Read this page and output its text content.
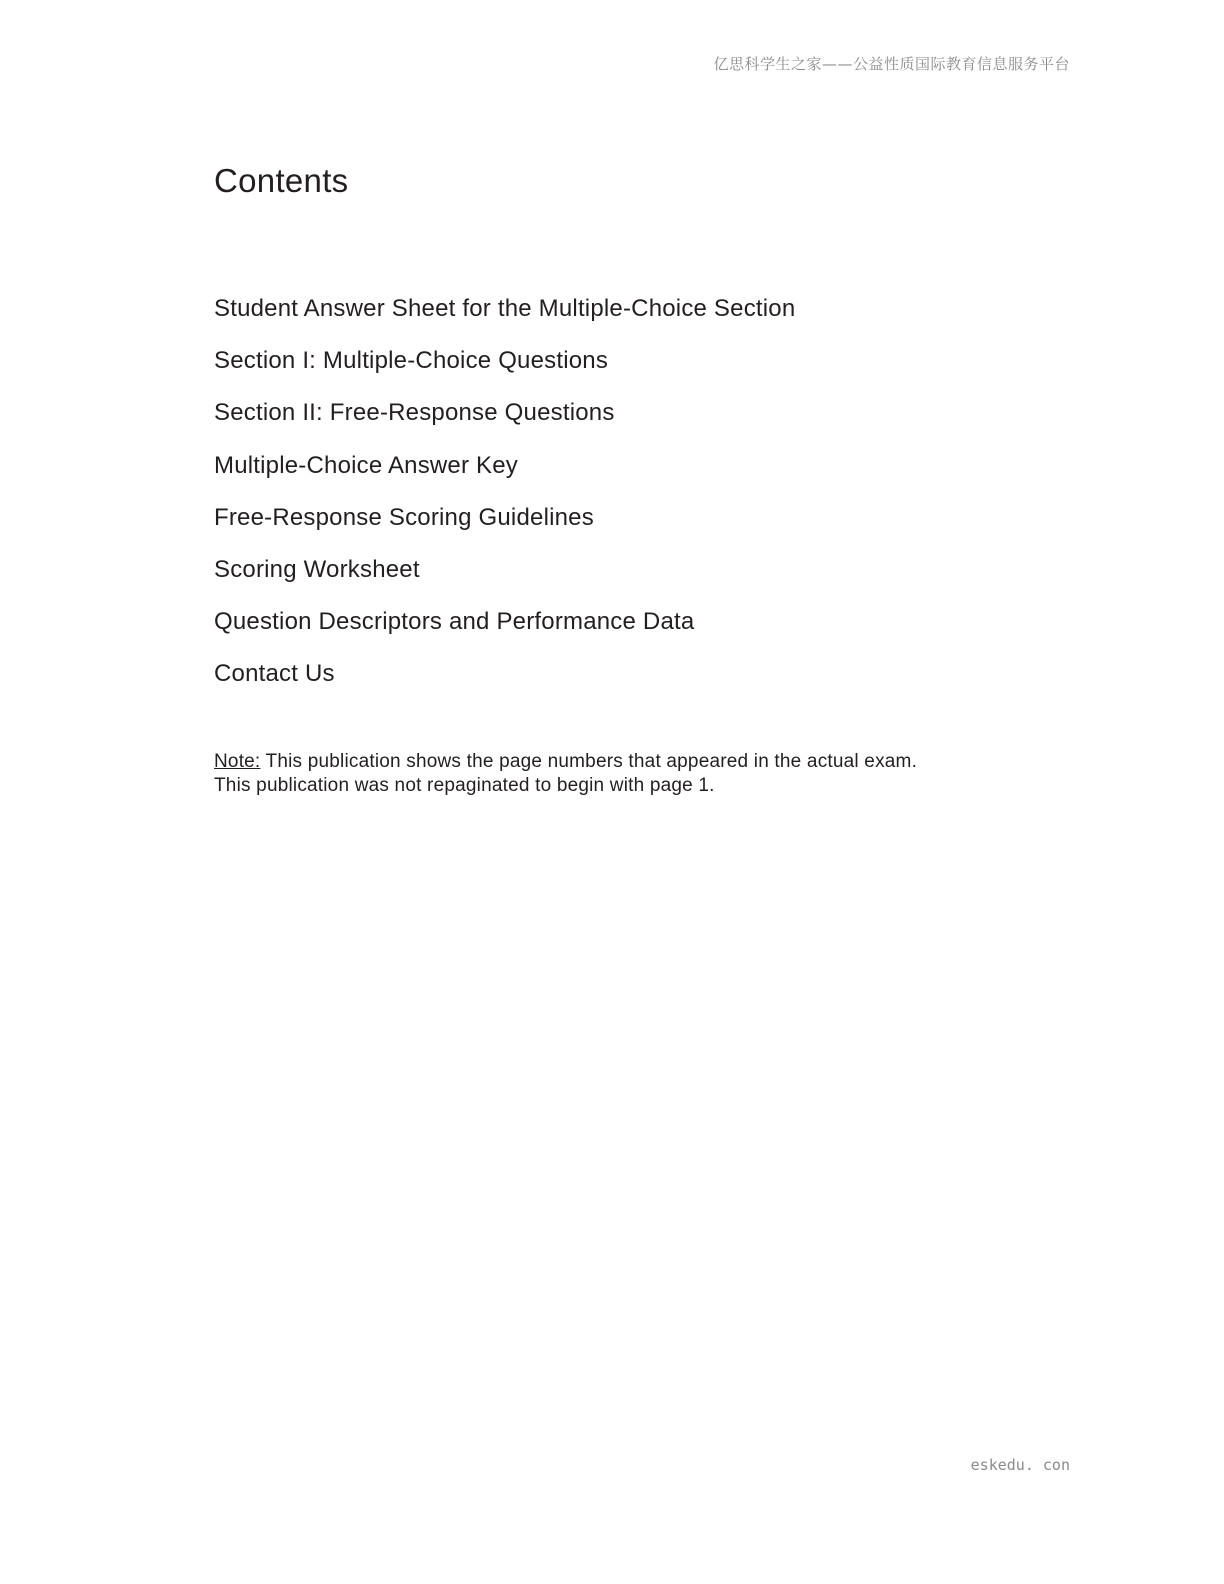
亿思科学生之家——公益性质国际教育信息服务平台
Contents
Student Answer Sheet for the Multiple-Choice Section
Section I: Multiple-Choice Questions
Section II: Free-Response Questions
Multiple-Choice Answer Key
Free-Response Scoring Guidelines
Scoring Worksheet
Question Descriptors and Performance Data
Contact Us

Note: This publication shows the page numbers that appeared in the actual exam.
This publication was not repaginated to begin with page 1.

eskedu. con
